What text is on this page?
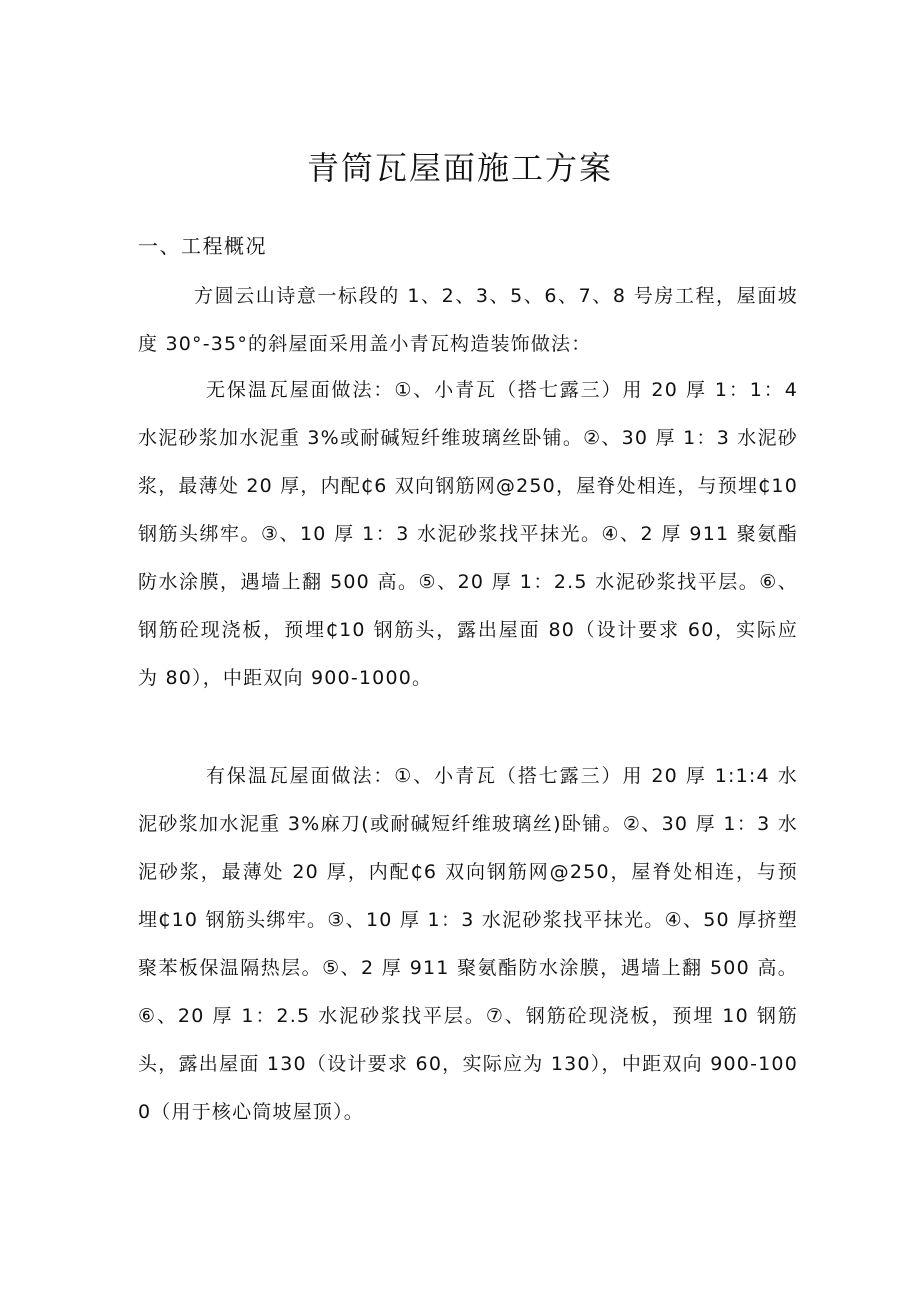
青筒瓦屋面施工方案
一、工程概况

方圆云山诗意一标段的 1、2、3、5、6、7、8 号房工程，屋面坡度 30°-35°的斜屋面采用盖小青瓦构造装饰做法：

无保温瓦屋面做法：①、小青瓦（搭七露三）用 20 厚 1：1：4 水泥砂浆加水泥重 3%或耐碱短纤维玻璃丝卧铺。②、30 厚 1：3 水泥砂浆，最薄处 20 厚，内配₵6 双向钢筋网@250，屋脊处相连，与预埋₵10 钢筋头绑牢。③、10 厚 1：3 水泥砂浆找平抹光。④、2 厚 911 聚氨酯防水涂膜，遇墙上翻 500 高。⑤、20 厚 1：2.5 水泥砂浆找平层。⑥、钢筋砼现浇板，预埋₵10 钢筋头，露出屋面 80（设计要求 60，实际应为 80），中距双向 900-1000。

有保温瓦屋面做法：①、小青瓦（搭七露三）用 20 厚 1:1:4 水泥砂浆加水泥重 3%麻刀(或耐碱短纤维玻璃丝)卧铺。②、30 厚 1：3 水泥砂浆，最薄处 20 厚，内配₵6 双向钢筋网@250，屋脊处相连，与预埋₵10 钢筋头绑牢。③、10 厚 1：3 水泥砂浆找平抹光。④、50 厚挤塑聚苯板保温隔热层。⑤、2 厚 911 聚氨酯防水涂膜，遇墙上翻 500 高。⑥、20 厚 1：2.5 水泥砂浆找平层。⑦、钢筋砼现浇板，预埋 10 钢筋头，露出屋面 130（设计要求 60，实际应为 130），中距双向 900-1000（用于核心筒坡屋顶）。
